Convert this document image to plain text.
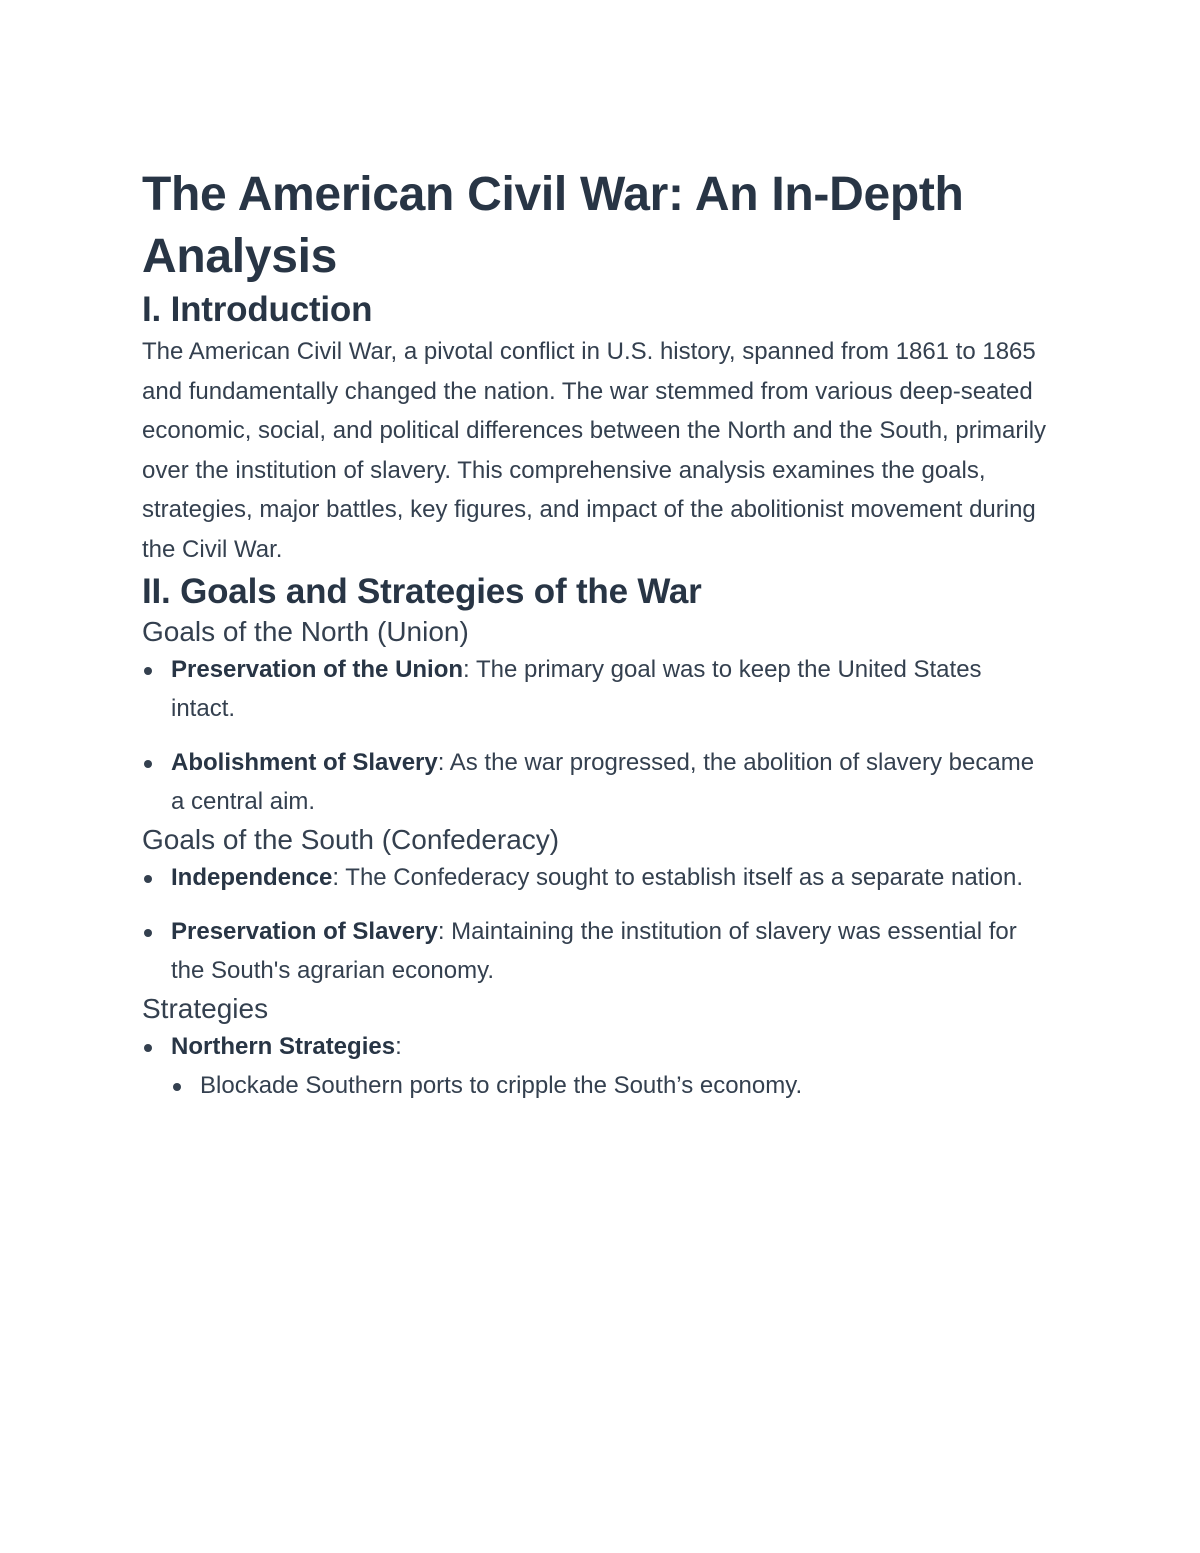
The American Civil War: An In-Depth Analysis
I. Introduction

The American Civil War, a pivotal conflict in U.S. history, spanned from 1861 to 1865 and fundamentally changed the nation. The war stemmed from various deep-seated economic, social, and political differences between the North and the South, primarily over the institution of slavery. This comprehensive analysis examines the goals, strategies, major battles, key figures, and impact of the abolitionist movement during the Civil War.

II. Goals and Strategies of the War
Goals of the North (Union)
Preservation of the Union: The primary goal was to keep the United States intact.
Abolishment of Slavery: As the war progressed, the abolition of slavery became a central aim.
Goals of the South (Confederacy)
Independence: The Confederacy sought to establish itself as a separate nation.
Preservation of Slavery: Maintaining the institution of slavery was essential for the South's agrarian economy.
Strategies
Northern Strategies:
Blockade Southern ports to cripple the South’s economy.
